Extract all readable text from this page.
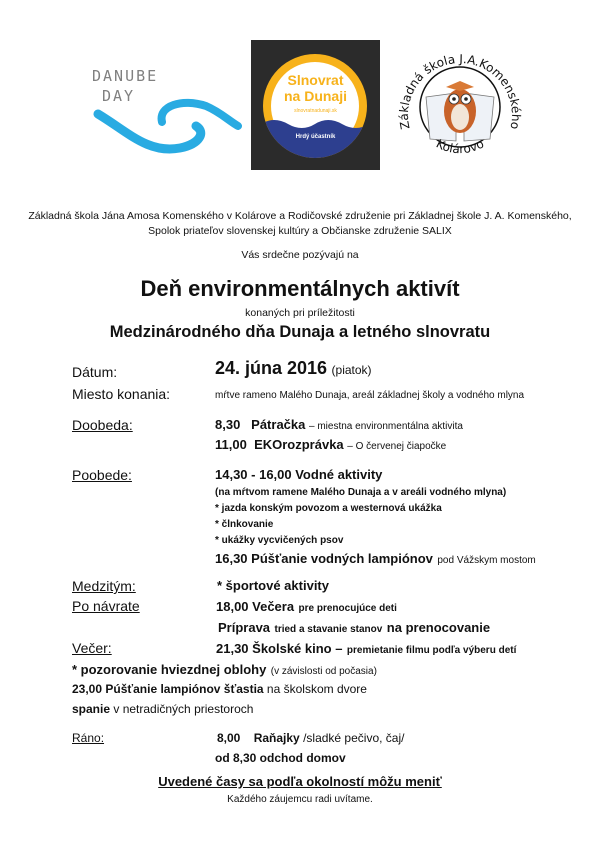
DANUBE
DAY
Slnovrat
na Dunaji
slnovratnadunaji.sk
Hrdý účastník
Základná škola J.A.Komenského
Kolárovo
Základná škola Jána Amosa Komenského v Kolárove a Rodičovské združenie pri Základnej škole J. A. Komenského,
Spolok priateľov slovenskej kultúry a Občianske združenie SALIX
Vás srdečne pozývajú na
Deň environmentálnych aktivít
konaných pri príležitosti
Medzinárodného dňa Dunaja a letného slnovratu
Dátum:	24. júna 2016 (piatok)
Miesto konania:	mŕtve rameno Malého Dunaja, areál základnej školy a vodného mlyna
Doobeda:	8,30 Pátračka – miestna environmentálna aktivita
11,00 EKOrozprávka – O červenej čiapočke
Poobede:	14,30 - 16,00 Vodné aktivity
(na mŕtvom ramene Malého Dunaja a v areáli vodného mlyna)
* jazda konským povozom a westernová ukážka
* člnkovanie
* ukážky vycvičených psov
16,30 Púšťanie vodných lampiónov pod Vážskym mostom
Medzitým:	* športové aktivity
Po návrate	18,00 Večera pre prenocujúce deti
Príprava tried a stavanie stanov na prenocovanie
Večer:	21,30 Školské kino – premietanie filmu podľa výberu detí
* pozorovanie hviezdnej oblohy (v závislosti od počasia)
23,00 Púšťanie lampiónov šťastia na školskom dvore
spanie v netradičných priestoroch
Ráno:	8,00 Raňajky /sladké pečivo, čaj/
od 8,30 odchod domov
Uvedené časy sa podľa okolností môžu meniť
Každého záujemcu radi uvítame.
